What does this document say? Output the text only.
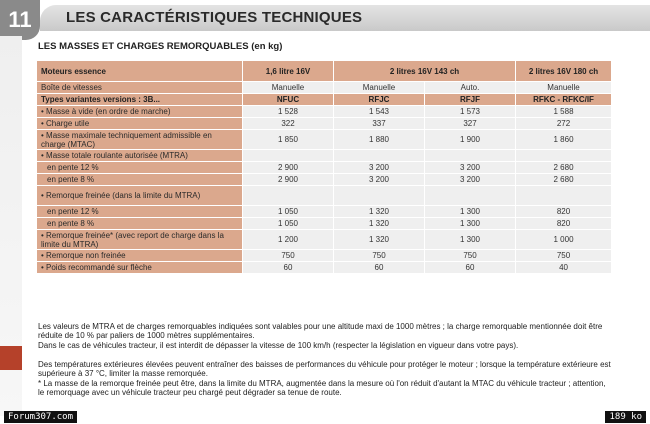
11 LES CARACTÉRISTIQUES TECHNIQUES
LES MASSES ET CHARGES REMORQUABLES (en kg)
Moteurs essence	1,6 litre 16V	2 litres 16V 143 ch		2 litres 16V 180 ch
Boîte de vitesses	Manuelle	Manuelle	Auto.	Manuelle
Types variantes versions : 3B...	NFUC	RFJC	RFJF	RFKC - RFKC/IF
• Masse à vide (en ordre de marche)	1 528	1 543	1 573	1 588
• Charge utile	322	337	327	272
• Masse maximale techniquement admissible en charge (MTAC)	1 850	1 880	1 900	1 860
• Masse totale roulante autorisée (MTRA)				
en pente 12 %	2 900	3 200	3 200	2 680
en pente 8 %	2 900	3 200	3 200	2 680
• Remorque freinée (dans la limite du MTRA)				
en pente 12 %	1 050	1 320	1 300	820
en pente 8 %	1 050	1 320	1 300	820
• Remorque freinée* (avec report de charge dans la limite du MTRA)	1 200	1 320	1 300	1 000
• Remorque non freinée	750	750	750	750
• Poids recommandé sur flèche	60	60	60	40
Les valeurs de MTRA et de charges remorquables indiquées sont valables pour une altitude maxi de 1000 mètres ; la charge remorquable mentionnée doit être réduite de 10 % par paliers de 1000 mètres supplémentaires.
Dans le cas de véhicules tracteur, il est interdit de dépasser la vitesse de 100 km/h (respecter la législation en vigueur dans votre pays).
Des températures extérieures élevées peuvent entraîner des baisses de performances du véhicule pour protéger le moteur ; lorsque la température extérieure est supérieure à 37 °C, limiter la masse remorquée.
* La masse de la remorque freinée peut être, dans la limite du MTRA, augmentée dans la mesure où l'on réduit d'autant la MTAC du véhicule tracteur ; attention, le remorquage avec un véhicule tracteur peu chargé peut dégrader sa tenue de route.
Forum307.com	189 ko
